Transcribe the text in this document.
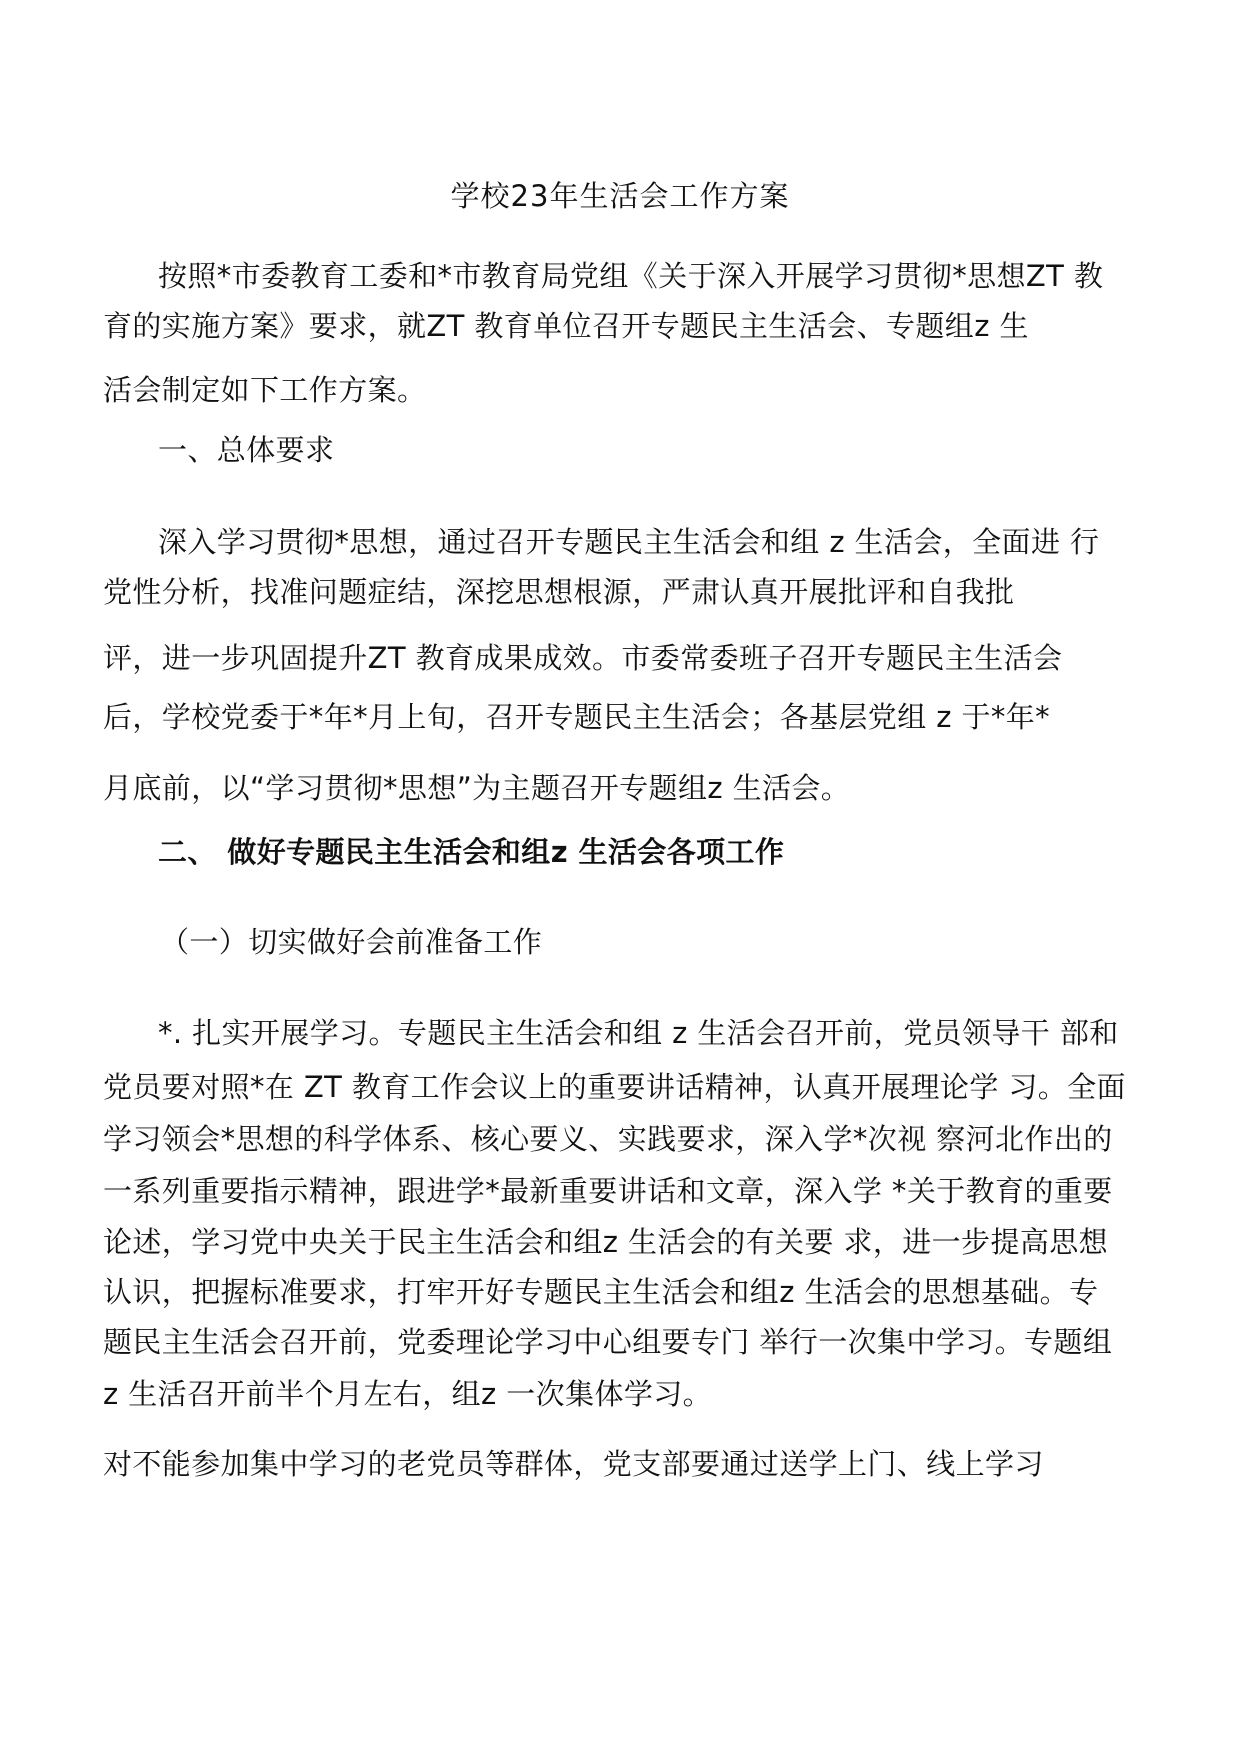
学校23年生活会工作方案
按照*市委教育工委和*市教育局党组《关于深入开展学习贯彻*思想ZT 教
育的实施方案》要求，就ZT 教育单位召开专题民主生活会、专题组z 生
活会制定如下工作方案。
一、总体要求
深入学习贯彻*思想，通过召开专题民主生活会和组 z 生活会，全面进 行
党性分析，找准问题症结，深挖思想根源，严肃认真开展批评和自我批
评，进一步巩固提升ZT 教育成果成效。市委常委班子召开专题民主生活会
后，学校党委于*年*月上旬，召开专题民主生活会；各基层党组 z 于*年*
月底前，以“学习贯彻*思想”为主题召开专题组z 生活会。
二、 做好专题民主生活会和组z 生活会各项工作
（一）切实做好会前准备工作
*. 扎实开展学习。专题民主生活会和组 z 生活会召开前，党员领导干 部和
党员要对照*在 ZT 教育工作会议上的重要讲话精神，认真开展理论学 习。全面
学习领会*思想的科学体系、核心要义、实践要求，深入学*次视 察河北作出的
一系列重要指示精神，跟进学*最新重要讲话和文章，深入学 *关于教育的重要
论述，学习党中央关于民主生活会和组z 生活会的有关要 求，进一步提高思想
认识，把握标准要求，打牢开好专题民主生活会和组z 生活会的思想基础。专
题民主生活会召开前，党委理论学习中心组要专门 举行一次集中学习。专题组
z 生活召开前半个月左右，组z 一次集体学习。
对不能参加集中学习的老党员等群体，党支部要通过送学上门、线上学习
